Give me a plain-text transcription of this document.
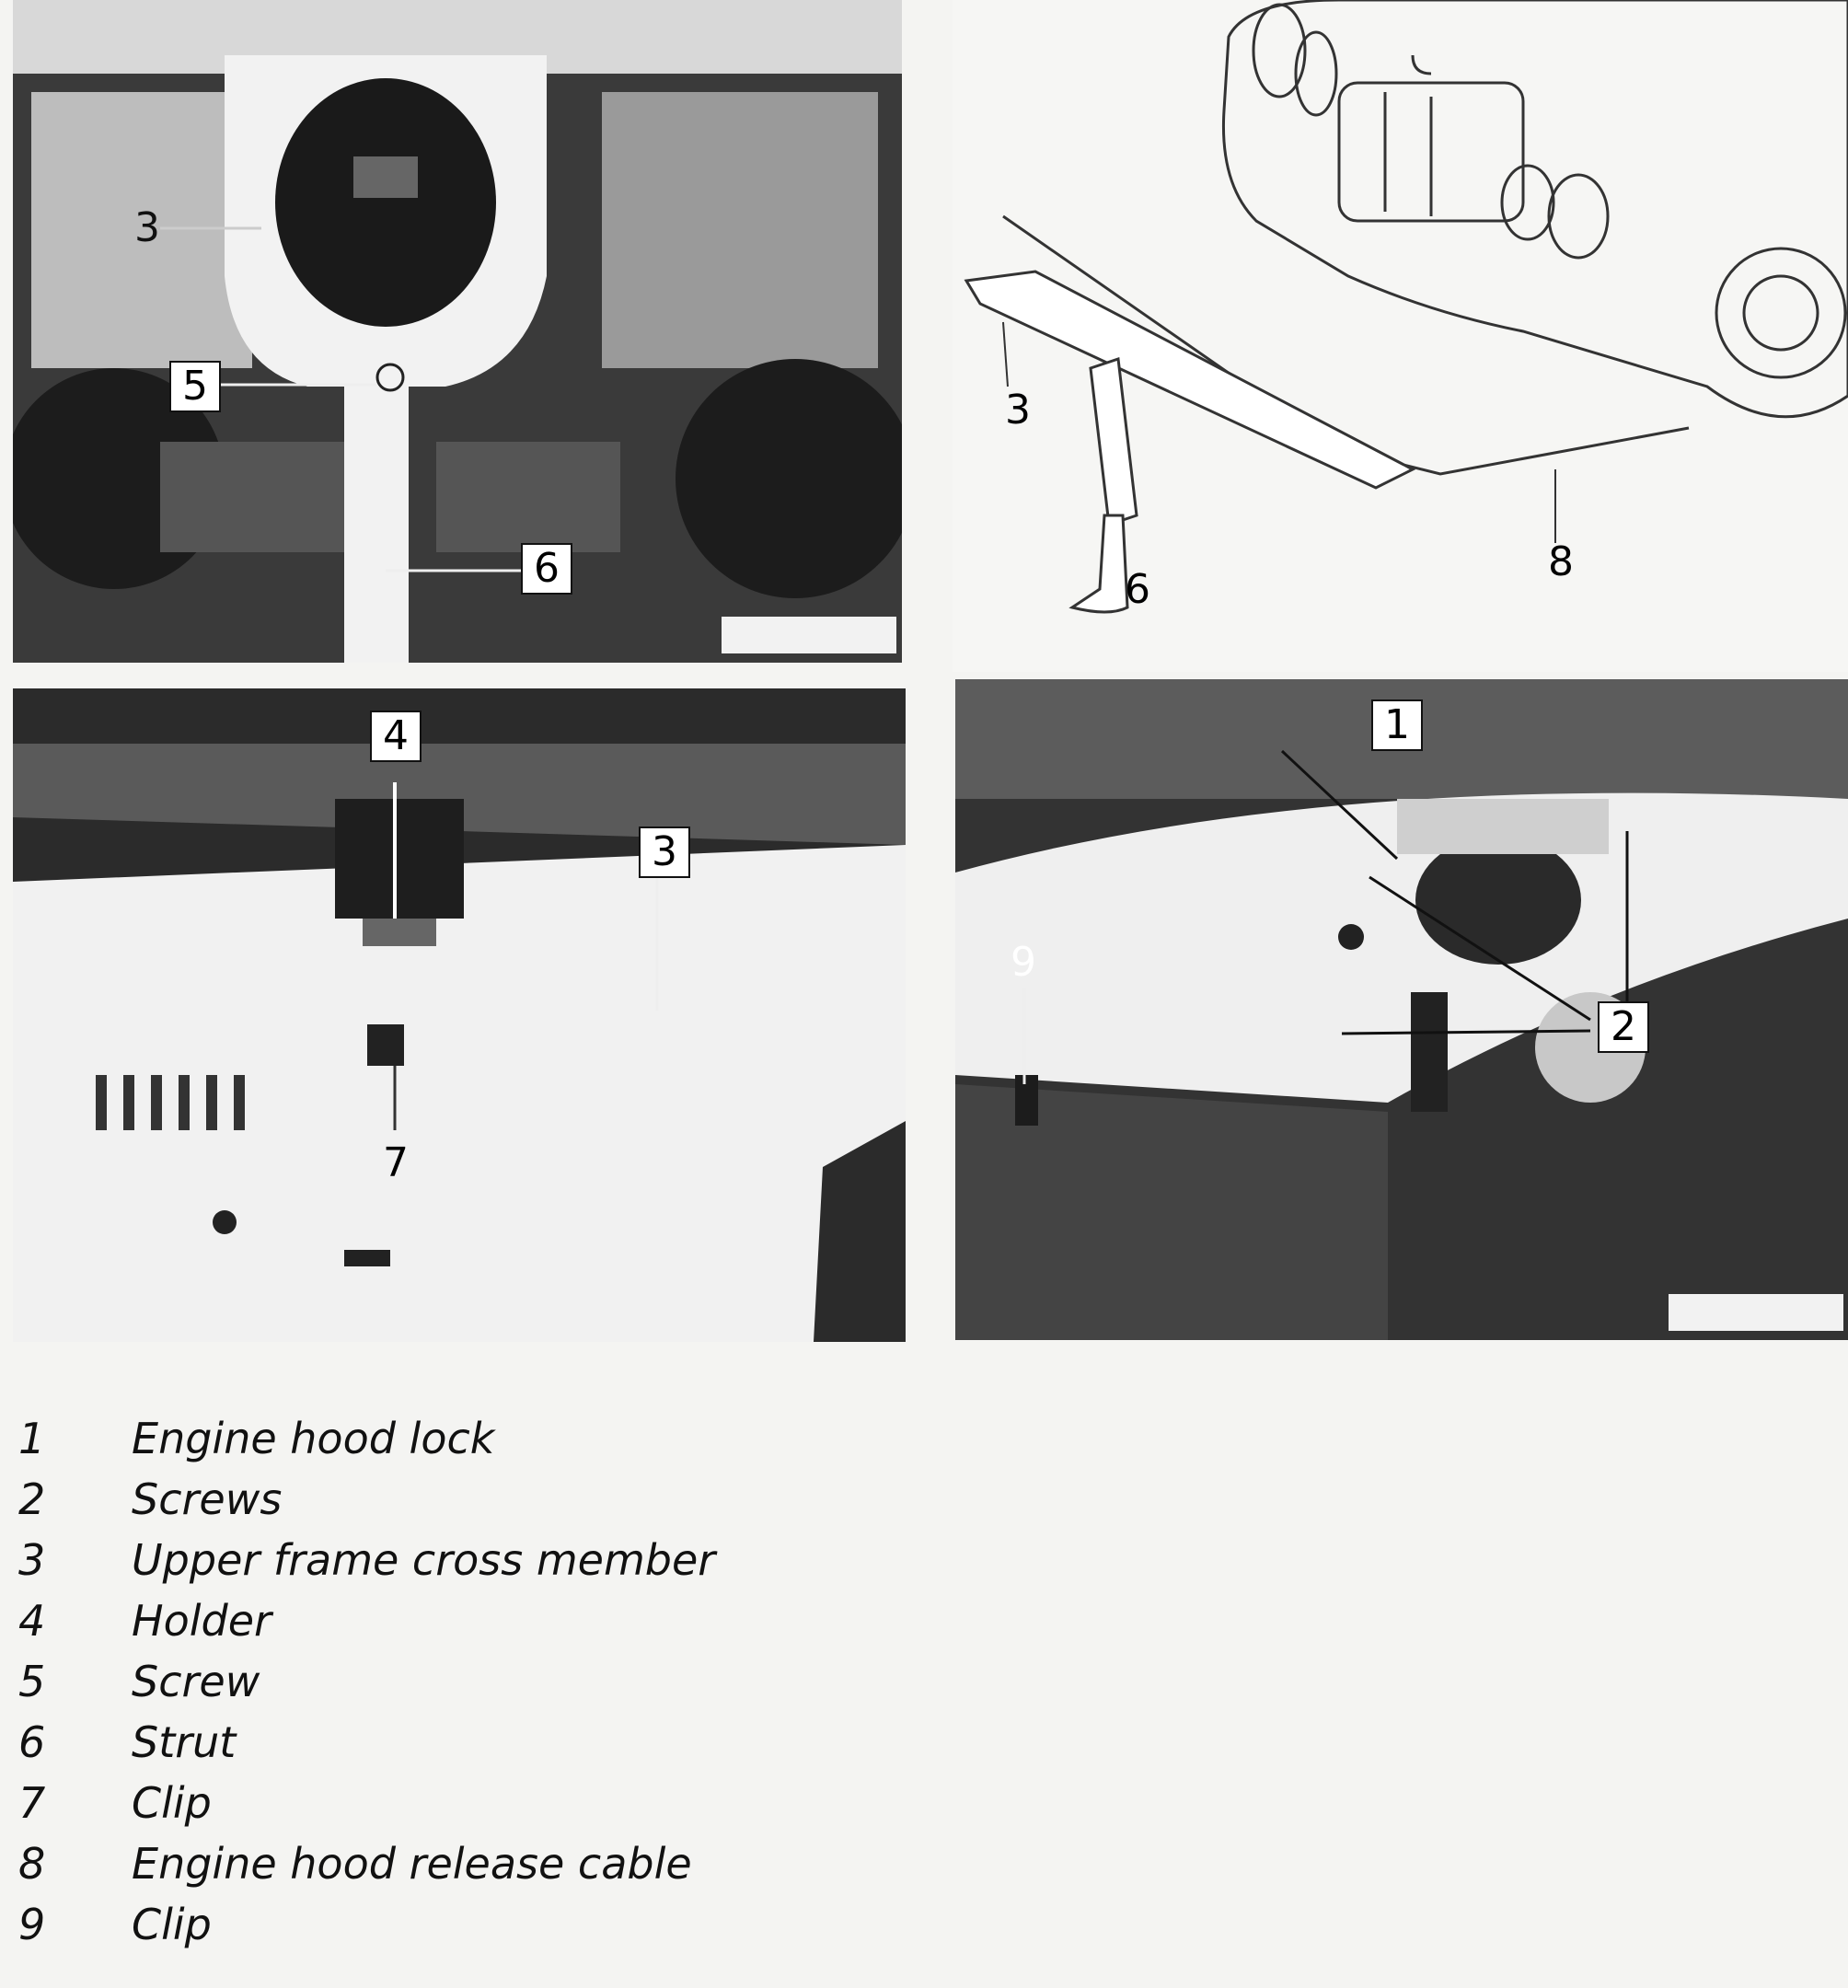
3
5
6
3
6
8
4
3
7
1
9
2
1	Engine hood lock
2	Screws
3	Upper frame cross member
4	Holder
5	Screw
6	Strut
7	Clip
8	Engine hood release cable
9	Clip
